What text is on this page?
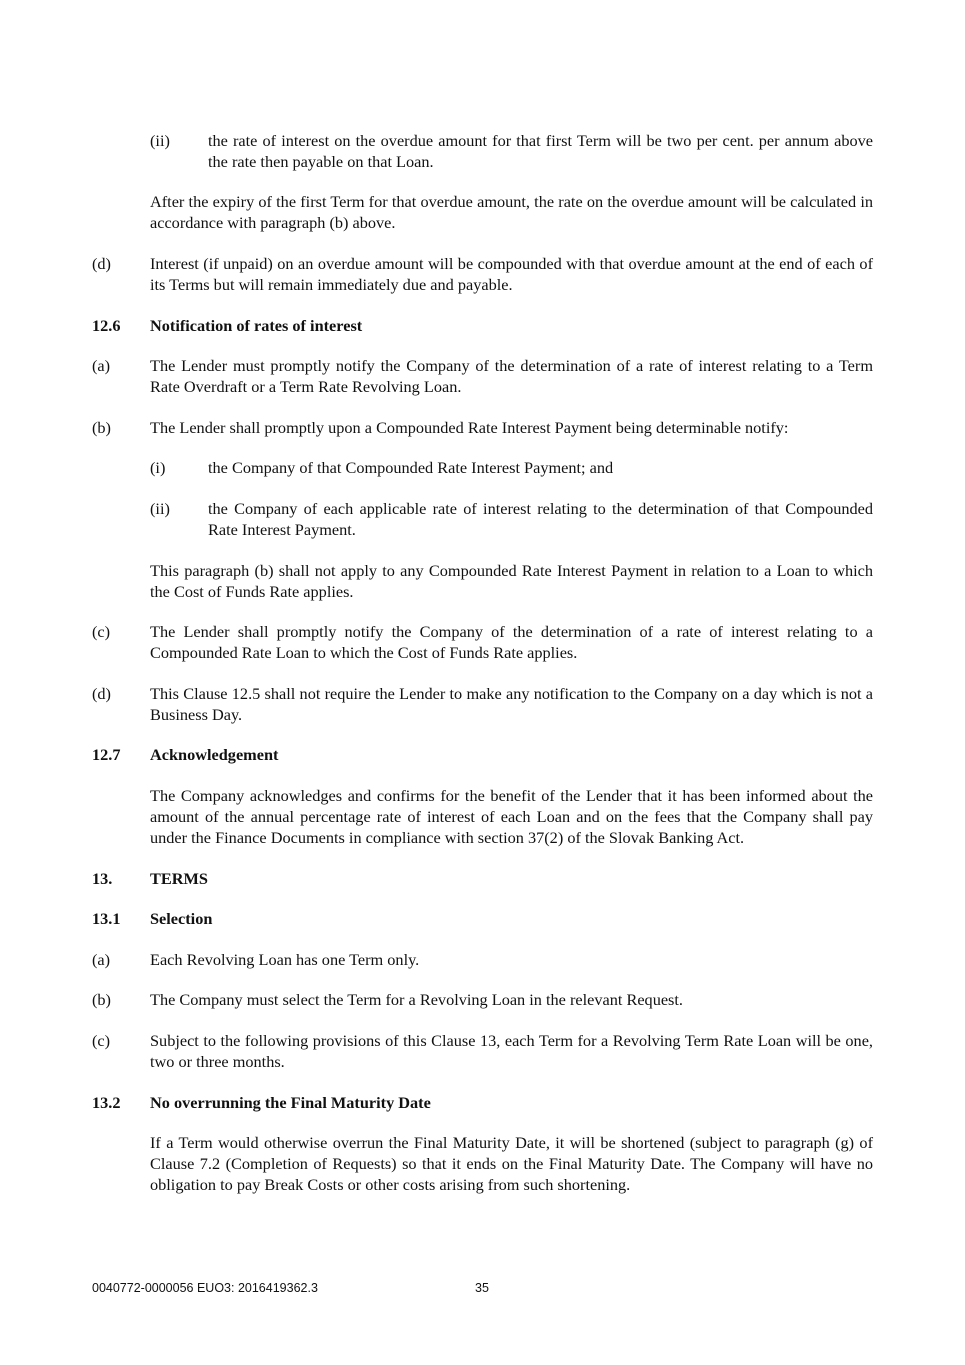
(ii) the rate of interest on the overdue amount for that first Term will be two per cent. per annum above the rate then payable on that Loan.
After the expiry of the first Term for that overdue amount, the rate on the overdue amount will be calculated in accordance with paragraph (b) above.
(d) Interest (if unpaid) on an overdue amount will be compounded with that overdue amount at the end of each of its Terms but will remain immediately due and payable.
12.6 Notification of rates of interest
(a) The Lender must promptly notify the Company of the determination of a rate of interest relating to a Term Rate Overdraft or a Term Rate Revolving Loan.
(b) The Lender shall promptly upon a Compounded Rate Interest Payment being determinable notify:
(i)	the Company of that Compounded Rate Interest Payment; and
(ii) the Company of each applicable rate of interest relating to the determination of that Compounded Rate Interest Payment.
This paragraph (b) shall not apply to any Compounded Rate Interest Payment in relation to a Loan to which the Cost of Funds Rate applies.
(c) The Lender shall promptly notify the Company of the determination of a rate of interest relating to a Compounded Rate Loan to which the Cost of Funds Rate applies.
(d) This Clause 12.5 shall not require the Lender to make any notification to the Company on a day which is not a Business Day.
12.7 Acknowledgement
The Company acknowledges and confirms for the benefit of the Lender that it has been informed about the amount of the annual percentage rate of interest of each Loan and on the fees that the Company shall pay under the Finance Documents in compliance with section 37(2) of the Slovak Banking Act.
13. TERMS
13.1 Selection
(a) Each Revolving Loan has one Term only.
(b) The Company must select the Term for a Revolving Loan in the relevant Request.
(c) Subject to the following provisions of this Clause 13, each Term for a Revolving Term Rate Loan will be one, two or three months.
13.2 No overrunning the Final Maturity Date
If a Term would otherwise overrun the Final Maturity Date, it will be shortened (subject to paragraph (g) of Clause 7.2 (Completion of Requests) so that it ends on the Final Maturity Date. The Company will have no obligation to pay Break Costs or other costs arising from such shortening.
0040772-0000056 EUO3: 2016419362.3	35
